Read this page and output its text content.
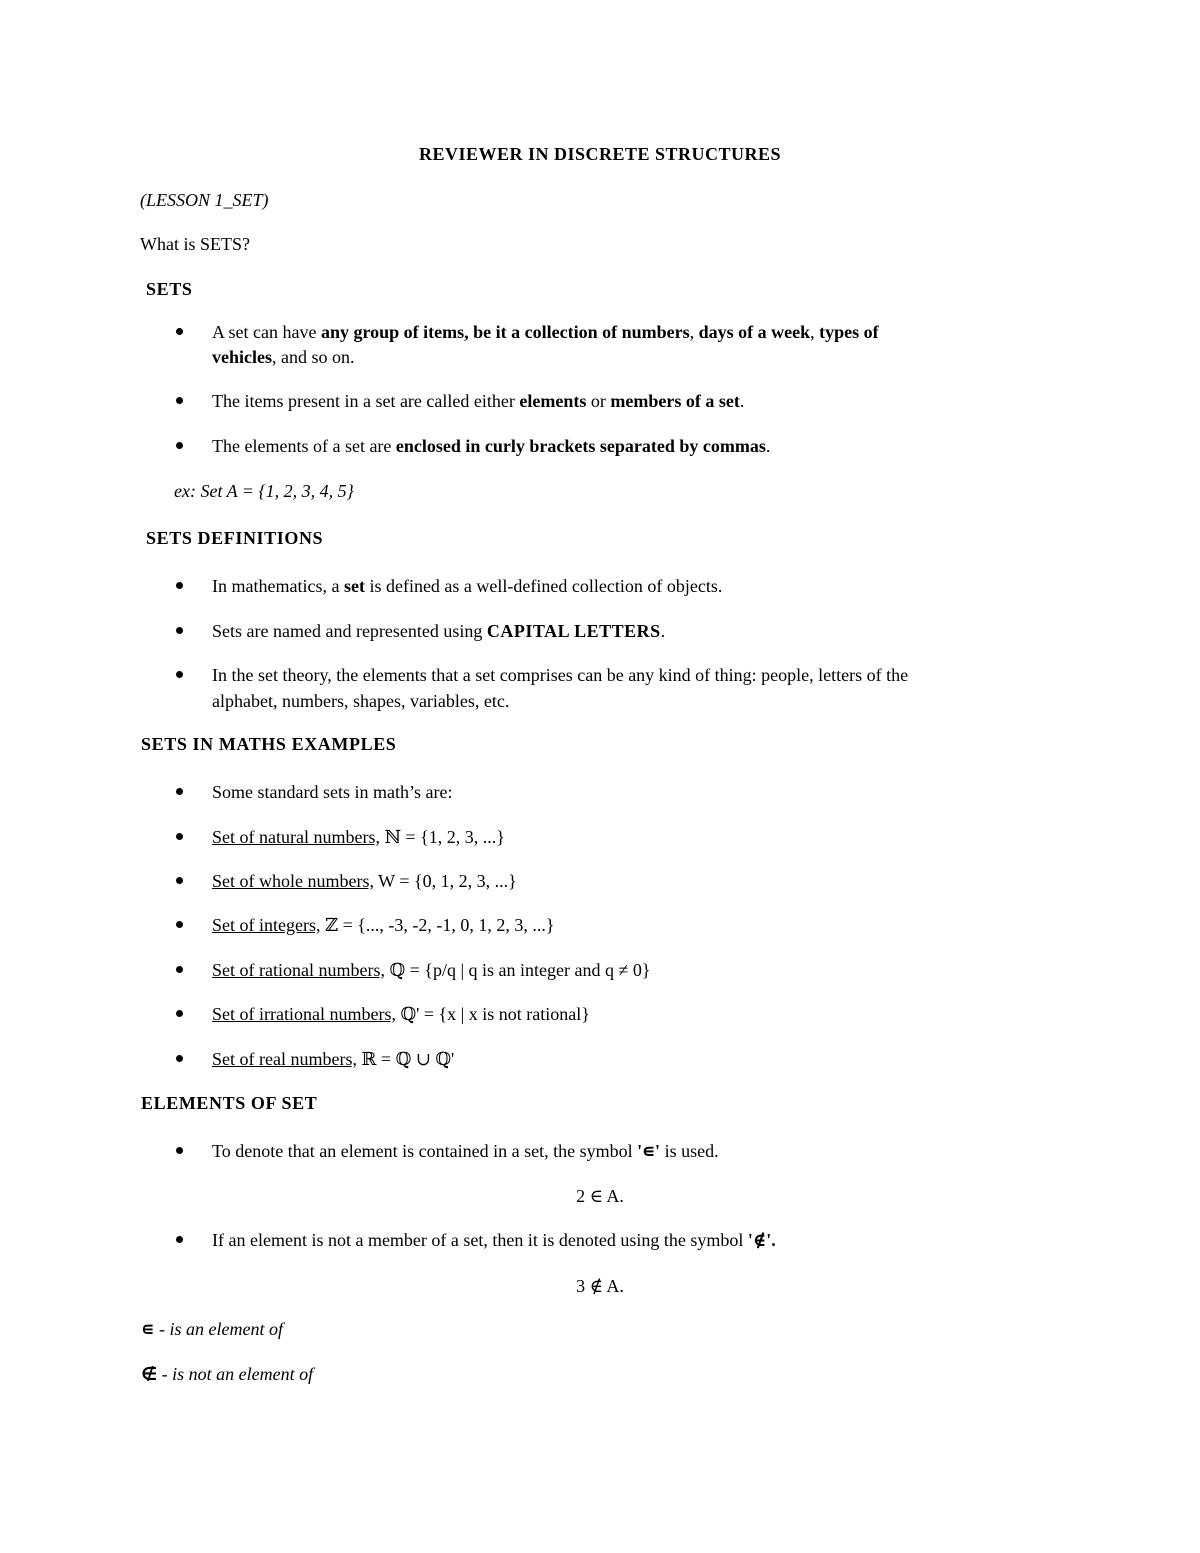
REVIEWER IN DISCRETE STRUCTURES
(LESSON 1_SET)
What is SETS?
SETS
A set can have any group of items, be it a collection of numbers, days of a week, types of
vehicles, and so on.
The items present in a set are called either elements or members of a set.
The elements of a set are enclosed in curly brackets separated by commas.
ex: Set A = {1, 2, 3, 4, 5}
SETS DEFINITIONS
In mathematics, a set is defined as a well-defined collection of objects.
Sets are named and represented using CAPITAL LETTERS.
In the set theory, the elements that a set comprises can be any kind of thing: people, letters of the
alphabet, numbers, shapes, variables, etc.
SETS IN MATHS EXAMPLES
Some standard sets in math’s are:
Set of natural numbers, ℕ = {1, 2, 3, ...}
Set of whole numbers, W = {0, 1, 2, 3, ...}
Set of integers, ℤ = {..., -3, -2, -1, 0, 1, 2, 3, ...}
Set of rational numbers, ℚ = {p/q | q is an integer and q ≠ 0}
Set of irrational numbers, ℚ' = {x | x is not rational}
Set of real numbers, ℝ = ℚ ∪ ℚ'
ELEMENTS OF SET
To denote that an element is contained in a set, the symbol '∊' is used.
2 ∈ A.
If an element is not a member of a set, then it is denoted using the symbol '∉'.
3 ∉ A.
∊ - is an element of
∉ - is not an element of
